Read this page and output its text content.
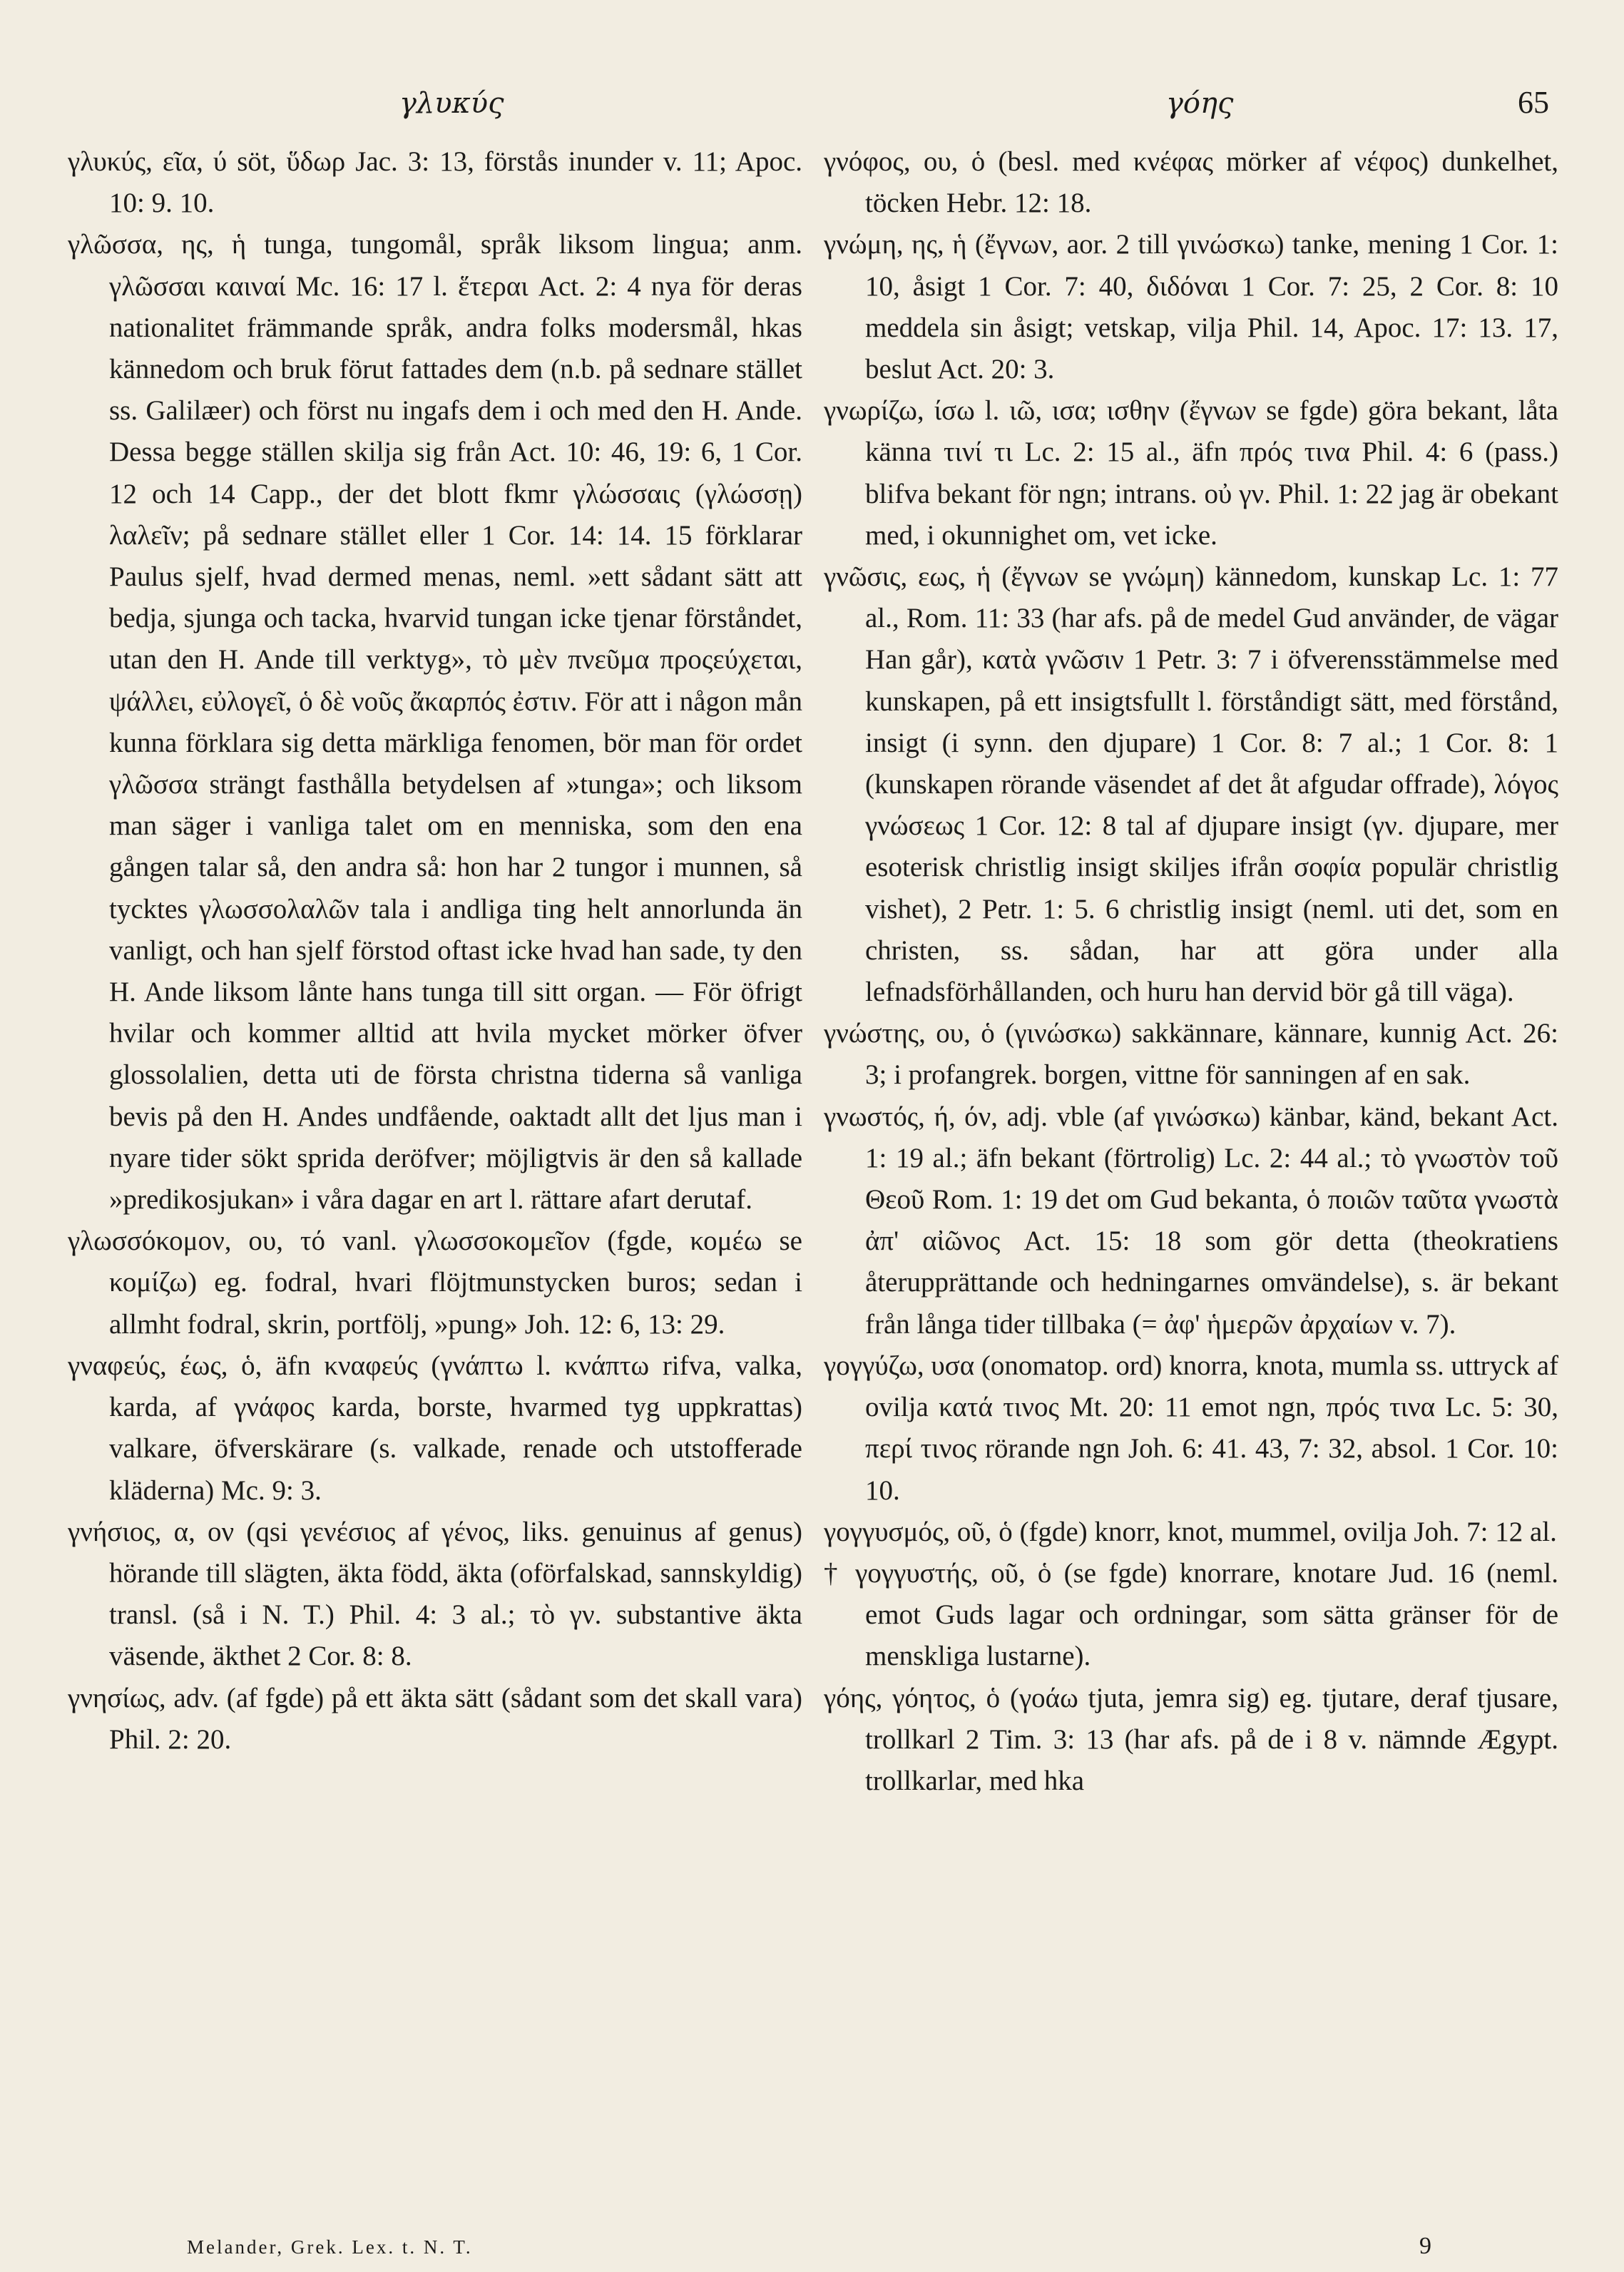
γλυκύς	γόης	65
γλυκύς, εῖα, ύ söt, ὕδωρ Jac. 3: 13, förstås inunder v. 11; Apoc. 10: 9. 10.
γλῶσσα, ης, ἡ tunga, tungomål, språk liksom lingua; anm. γλῶσσαι καιναί Mc. 16: 17 l. ἕτεραι Act. 2: 4 nya för deras nationalitet främmande språk, andra folks modersmål, hkas kännedom och bruk förut fattades dem (n.b. på sednare stället ss. Galilæer) och först nu ingafs dem i och med den H. Ande. Dessa begge ställen skilja sig från Act. 10: 46, 19: 6, 1 Cor. 12 och 14 Capp., der det blott fkmr γλώσσαις (γλώσσῃ) λαλεῖν; på sednare stället eller 1 Cor. 14: 14. 15 förklarar Paulus sjelf, hvad dermed menas, neml. »ett sådant sätt att bedja, sjunga och tacka, hvarvid tungan icke tjenar förståndet, utan den H. Ande till verktyg», τὸ μὲν πνεῦμα προςεύχεται, ψάλλει, εὐλογεῖ, ὁ δὲ νοῦς ἄκαρπός ἐστιν. För att i någon mån kunna förklara sig detta märkliga fenomen, bör man för ordet γλῶσσα strängt fasthålla betydelsen af »tunga»; och liksom man säger i vanliga talet om en menniska, som den ena gången talar så, den andra så: hon har 2 tungor i munnen, så tycktes γλωσσολαλῶν tala i andliga ting helt annorlunda än vanligt, och han sjelf förstod oftast icke hvad han sade, ty den H. Ande liksom lånte hans tunga till sitt organ. — För öfrigt hvilar och kommer alltid att hvila mycket mörker öfver glossolalien, detta uti de första christna tiderna så vanliga bevis på den H. Andes undfående, oaktadt allt det ljus man i nyare tider sökt sprida deröfver; möjligtvis är den så kallade »predikosjukan» i våra dagar en art l. rättare afart derutaf.
γλωσσόκομον, ου, τό vanl. γλωσσοκομεῖον (fgde, κομέω se κομίζω) eg. fodral, hvari flöjtmunstycken buros; sedan i allmht fodral, skrin, portfölj, »pung» Joh. 12: 6, 13: 29.
γναφεύς, έως, ὁ, äfn κναφεύς (γνάπτω l. κνάπτω rifva, valka, karda, af γνάφος karda, borste, hvarmed tyg uppkrattas) valkare, öfverskärare (s. valkade, renade och utstofferade kläderna) Mc. 9: 3.
γνήσιος, α, ον (qsi γενέσιος af γένος, liks. genuinus af genus) hörande till slägten, äkta född, äkta (oförfalskad, sannskyldig) transl. (så i N. T.) Phil. 4: 3 al.; τὸ γν. substantive äkta väsende, äkthet 2 Cor. 8: 8.
γνησίως, adv. (af fgde) på ett äkta sätt (sådant som det skall vara) Phil. 2: 20.
γνόφος, ου, ὁ (besl. med κνέφας mörker af νέφος) dunkelhet, töcken Hebr. 12: 18.
γνώμη, ης, ἡ (ἔγνων, aor. 2 till γινώσκω) tanke, mening 1 Cor. 1: 10, åsigt 1 Cor. 7: 40, διδόναι 1 Cor. 7: 25, 2 Cor. 8: 10 meddela sin åsigt; vetskap, vilja Phil. 14, Apoc. 17: 13. 17, beslut Act. 20: 3.
γνωρίζω, ίσω l. ιῶ, ισα; ισθην (ἔγνων se fgde) göra bekant, låta känna τινί τι Lc. 2: 15 al., äfn πρός τινα Phil. 4: 6 (pass.) blifva bekant för ngn; intrans. οὐ γν. Phil. 1: 22 jag är obekant med, i okunnighet om, vet icke.
γνῶσις, εως, ἡ (ἔγνων se γνώμη) kännedom, kunskap Lc. 1: 77 al., Rom. 11: 33 (har afs. på de medel Gud använder, de vägar Han går), κατὰ γνῶσιν 1 Petr. 3: 7 i öfverensstämmelse med kunskapen, på ett insigtsfullt l. förståndigt sätt, med förstånd, insigt (i synn. den djupare) 1 Cor. 8: 7 al.; 1 Cor. 8: 1 (kunskapen rörande väsendet af det åt afgudar offrade), λόγος γνώσεως 1 Cor. 12: 8 tal af djupare insigt (γν. djupare, mer esoterisk christlig insigt skiljes ifrån σοφία populär christlig vishet), 2 Petr. 1: 5. 6 christlig insigt (neml. uti det, som en christen, ss. sådan, har att göra under alla lefnadsförhållanden, och huru han dervid bör gå till väga).
γνώστης, ου, ὁ (γινώσκω) sakkännare, kännare, kunnig Act. 26: 3; i profangrek. borgen, vittne för sanningen af en sak.
γνωστός, ή, όν, adj. vble (af γινώσκω) känbar, känd, bekant Act. 1: 19 al.; äfn bekant (förtrolig) Lc. 2: 44 al.; τὸ γνωστὸν τοῦ Θεοῦ Rom. 1: 19 det om Gud bekanta, ὁ ποιῶν ταῦτα γνωστὰ ἀπ' αἰῶνος Act. 15: 18 som gör detta (theokratiens återupprättande och hedningarnes omvändelse), s. är bekant från långa tider tillbaka (= ἀφ' ἡμερῶν ἀρχαίων v. 7).
γογγύζω, υσα (onomatop. ord) knorra, knota, mumla ss. uttryck af ovilja κατά τινος Mt. 20: 11 emot ngn, πρός τινα Lc. 5: 30, περί τινος rörande ngn Joh. 6: 41. 43, 7: 32, absol. 1 Cor. 10: 10.
γογγυσμός, οῦ, ὁ (fgde) knorr, knot, mummel, ovilja Joh. 7: 12 al.
† γογγυστής, οῦ, ὁ (se fgde) knorrare, knotare Jud. 16 (neml. emot Guds lagar och ordningar, som sätta gränser för de menskliga lustarne).
γόης, γόητος, ὁ (γοάω tjuta, jemra sig) eg. tjutare, deraf tjusare, trollkarl 2 Tim. 3: 13 (har afs. på de i 8 v. nämnde Ægypt. trollkarlar, med hka
Melander, Grek. Lex. t. N. T.	9
